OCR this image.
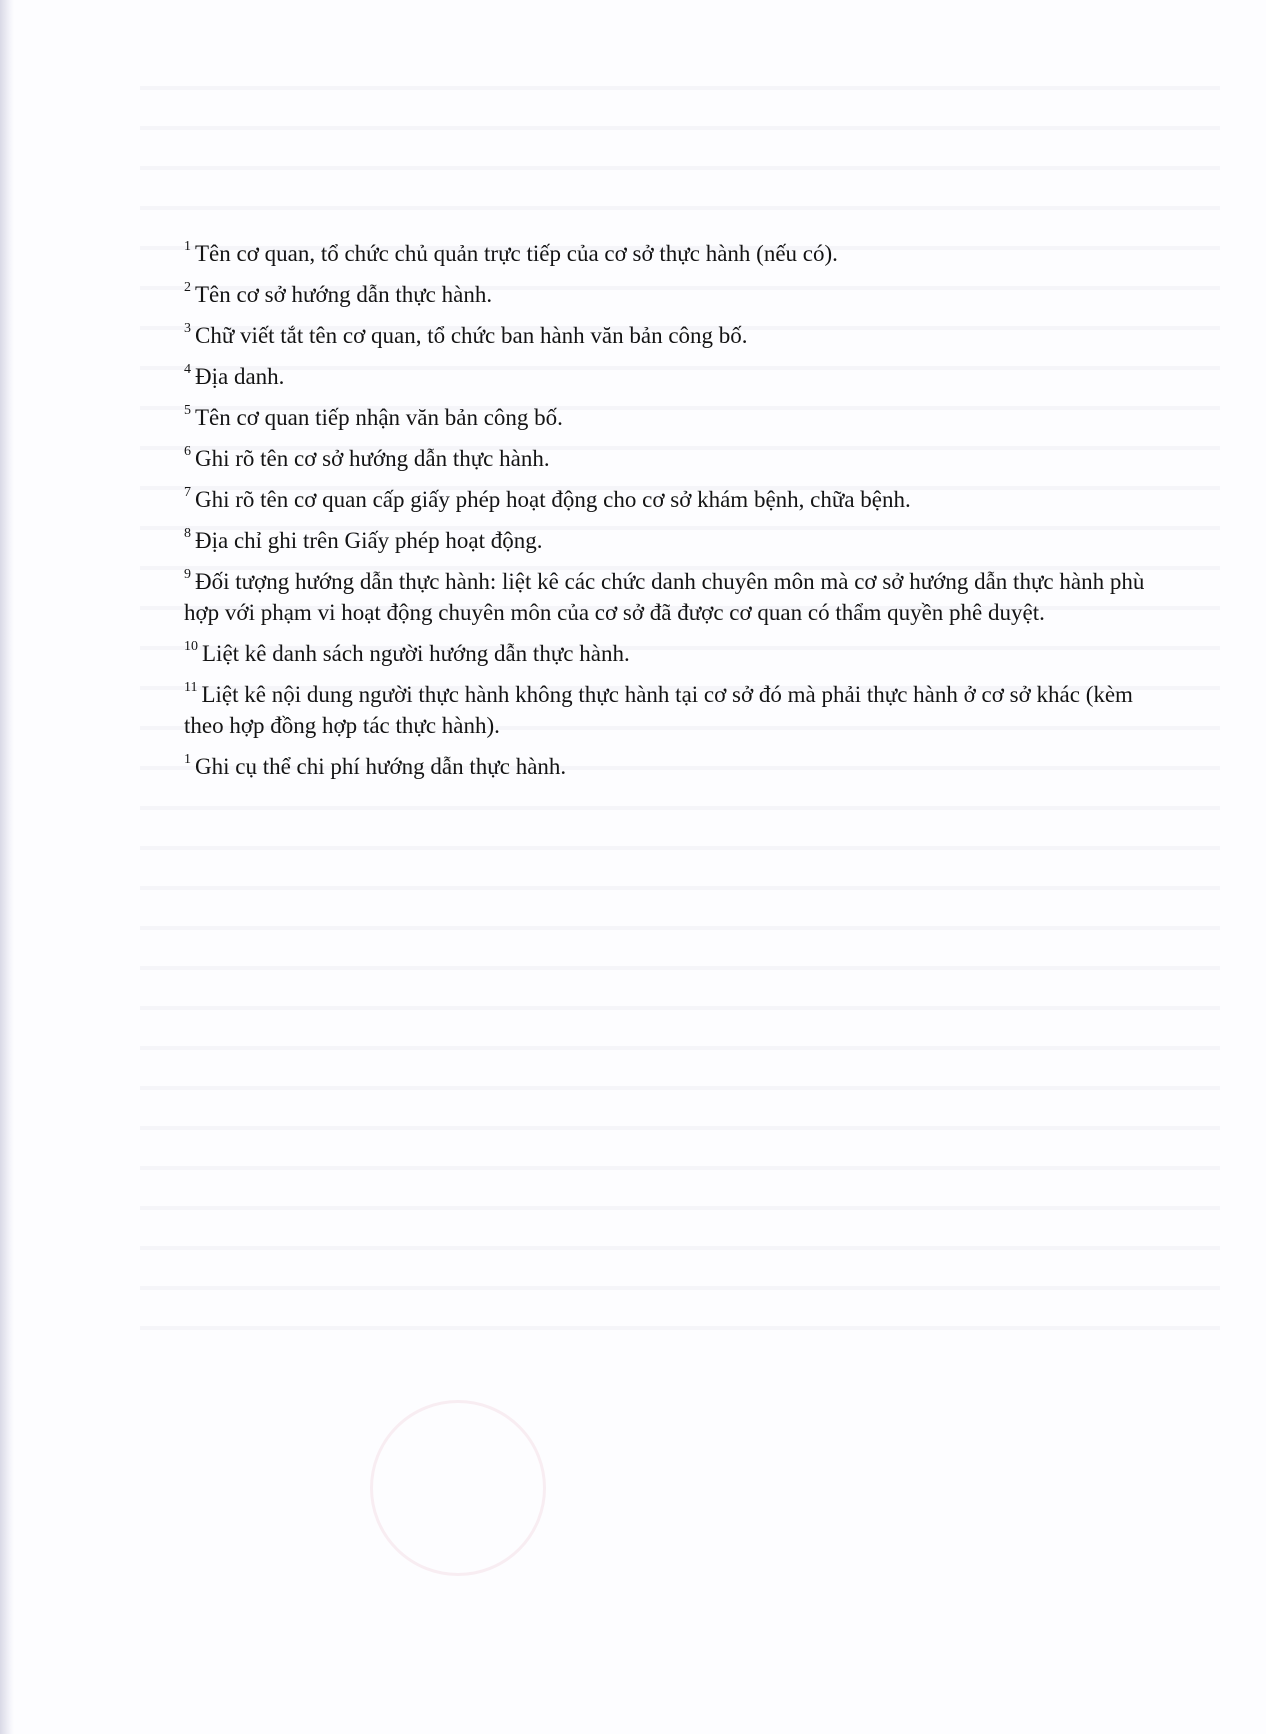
$^1$ Tên cơ quan, tổ chức chủ quản trực tiếp của cơ sở thực hành (nếu có).

$^2$ Tên cơ sở hướng dẫn thực hành.

$^3$ Chữ viết tắt tên cơ quan, tổ chức ban hành văn bản công bố.

$^4$ Địa danh.

$^5$ Tên cơ quan tiếp nhận văn bản công bố.

$^6$ Ghi rõ tên cơ sở hướng dẫn thực hành.

$^7$ Ghi rõ tên cơ quan cấp giấy phép hoạt động cho cơ sở khám bệnh, chữa bệnh.

$^8$ Địa chỉ ghi trên Giấy phép hoạt động.

$^9$ Đối tượng hướng dẫn thực hành: liệt kê các chức danh chuyên môn mà cơ sở hướng dẫn thực hành phù hợp với phạm vi hoạt động chuyên môn của cơ sở đã được cơ quan có thẩm quyền phê duyệt.

$^{10}$ Liệt kê danh sách người hướng dẫn thực hành.

$^{11}$ Liệt kê nội dung người thực hành không thực hành tại cơ sở đó mà phải thực hành ở cơ sở khác (kèm theo hợp đồng hợp tác thực hành).

$^1$ Ghi cụ thể chi phí hướng dẫn thực hành.
